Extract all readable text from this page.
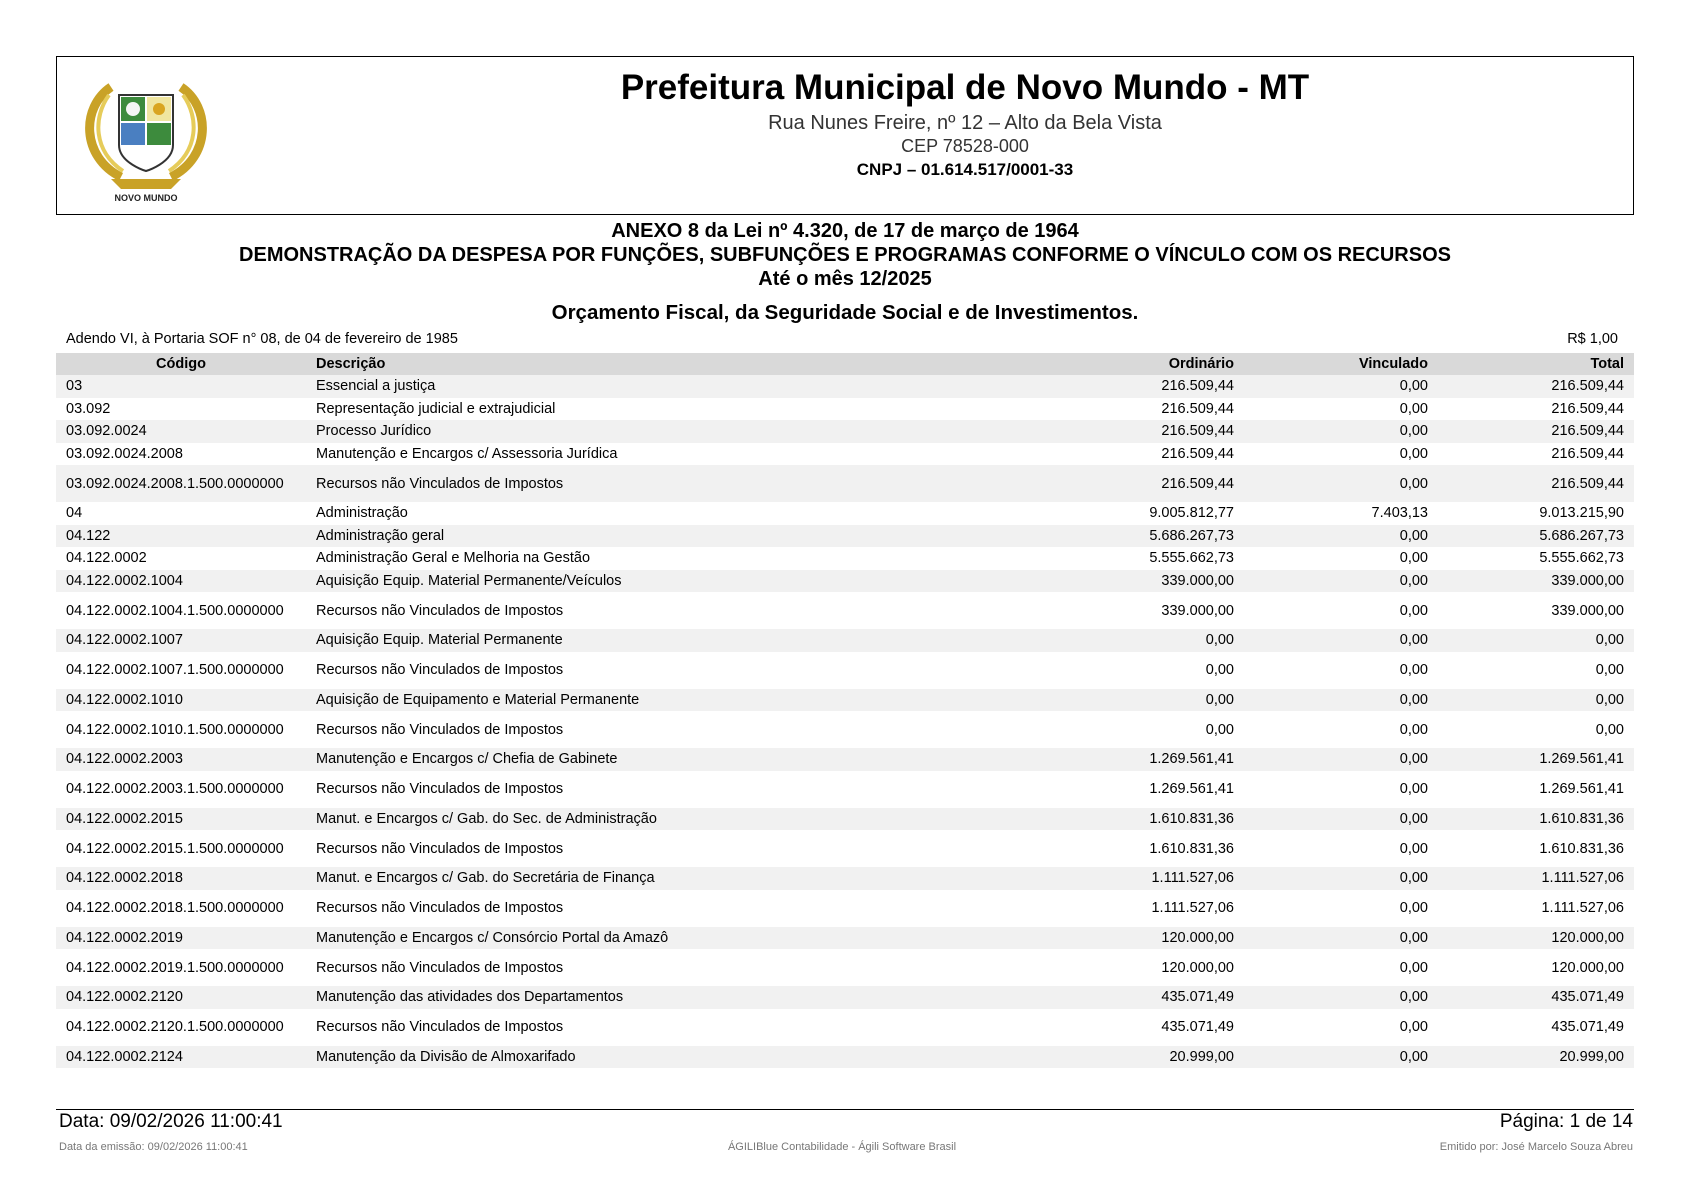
NOVO MUNDO
Prefeitura Municipal de Novo Mundo - MT
Rua Nunes Freire, nº 12 – Alto da Bela Vista
CEP 78528-000
CNPJ – 01.614.517/0001-33
ANEXO 8 da Lei nº 4.320, de 17 de março de 1964
DEMONSTRAÇÃO DA DESPESA POR FUNÇÕES, SUBFUNÇÕES E PROGRAMAS CONFORME O VÍNCULO COM OS RECURSOS
Até o mês 12/2025
Orçamento Fiscal, da Seguridade Social e de Investimentos.
Adendo VI, à Portaria SOF n° 08, de 04 de fevereiro de 1985	R$ 1,00
Código	Descrição	Ordinário	Vinculado	Total
03	Essencial a justiça	216.509,44	0,00	216.509,44
03.092	Representação judicial e extrajudicial	216.509,44	0,00	216.509,44
03.092.0024	Processo Jurídico	216.509,44	0,00	216.509,44
03.092.0024.2008	Manutenção e Encargos c/ Assessoria Jurídica	216.509,44	0,00	216.509,44
03.092.0024.2008.1.500.0000000	Recursos não Vinculados de Impostos	216.509,44	0,00	216.509,44
04	Administração	9.005.812,77	7.403,13	9.013.215,90
04.122	Administração geral	5.686.267,73	0,00	5.686.267,73
04.122.0002	Administração Geral e Melhoria na Gestão	5.555.662,73	0,00	5.555.662,73
04.122.0002.1004	Aquisição Equip. Material Permanente/Veículos	339.000,00	0,00	339.000,00
04.122.0002.1004.1.500.0000000	Recursos não Vinculados de Impostos	339.000,00	0,00	339.000,00
04.122.0002.1007	Aquisição Equip. Material Permanente	0,00	0,00	0,00
04.122.0002.1007.1.500.0000000	Recursos não Vinculados de Impostos	0,00	0,00	0,00
04.122.0002.1010	Aquisição de Equipamento e Material Permanente	0,00	0,00	0,00
04.122.0002.1010.1.500.0000000	Recursos não Vinculados de Impostos	0,00	0,00	0,00
04.122.0002.2003	Manutenção e Encargos c/ Chefia de Gabinete	1.269.561,41	0,00	1.269.561,41
04.122.0002.2003.1.500.0000000	Recursos não Vinculados de Impostos	1.269.561,41	0,00	1.269.561,41
04.122.0002.2015	Manut. e Encargos c/ Gab. do Sec. de Administração	1.610.831,36	0,00	1.610.831,36
04.122.0002.2015.1.500.0000000	Recursos não Vinculados de Impostos	1.610.831,36	0,00	1.610.831,36
04.122.0002.2018	Manut. e Encargos c/ Gab. do Secretária de Finança	1.111.527,06	0,00	1.111.527,06
04.122.0002.2018.1.500.0000000	Recursos não Vinculados de Impostos	1.111.527,06	0,00	1.111.527,06
04.122.0002.2019	Manutenção e Encargos c/ Consórcio Portal da Amazô	120.000,00	0,00	120.000,00
04.122.0002.2019.1.500.0000000	Recursos não Vinculados de Impostos	120.000,00	0,00	120.000,00
04.122.0002.2120	Manutenção das atividades dos Departamentos	435.071,49	0,00	435.071,49
04.122.0002.2120.1.500.0000000	Recursos não Vinculados de Impostos	435.071,49	0,00	435.071,49
04.122.0002.2124	Manutenção da Divisão de Almoxarifado	20.999,00	0,00	20.999,00
Data: 09/02/2026 11:00:41	Página: 1 de 14
Data da emissão: 09/02/2026 11:00:41	ÁGILIBlue Contabilidade - Ágili Software Brasil	Emitido por: José Marcelo Souza Abreu
